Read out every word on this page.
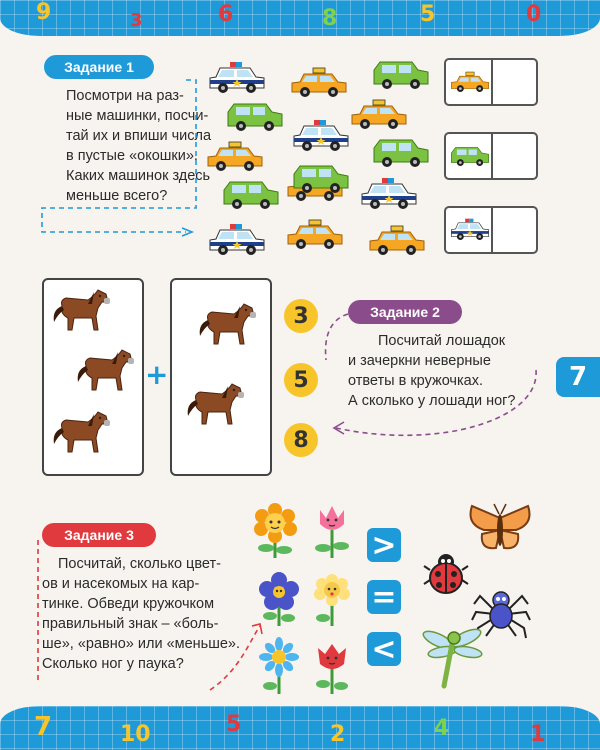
9	3	6	8	5	0
7
Задание 1
Посмотри на раз-
ные машинки, посчи-
тай их и впиши числа
в пустые «окошки».
Каких машинок здесь
меньше всего?
+
3
5
8
Задание 2
Посчитай лошадок
и зачеркни неверные
ответы в кружочках.
А сколько у лошади ног?
Задание 3
Посчитай, сколько цвет-
ов и насекомых на кар-
тинке. Обведи кружочком
правильный знак – «боль-
ше», «равно» или «меньше».
Сколько ног у паука?
>
=
<
7	10	5	2	4	1
